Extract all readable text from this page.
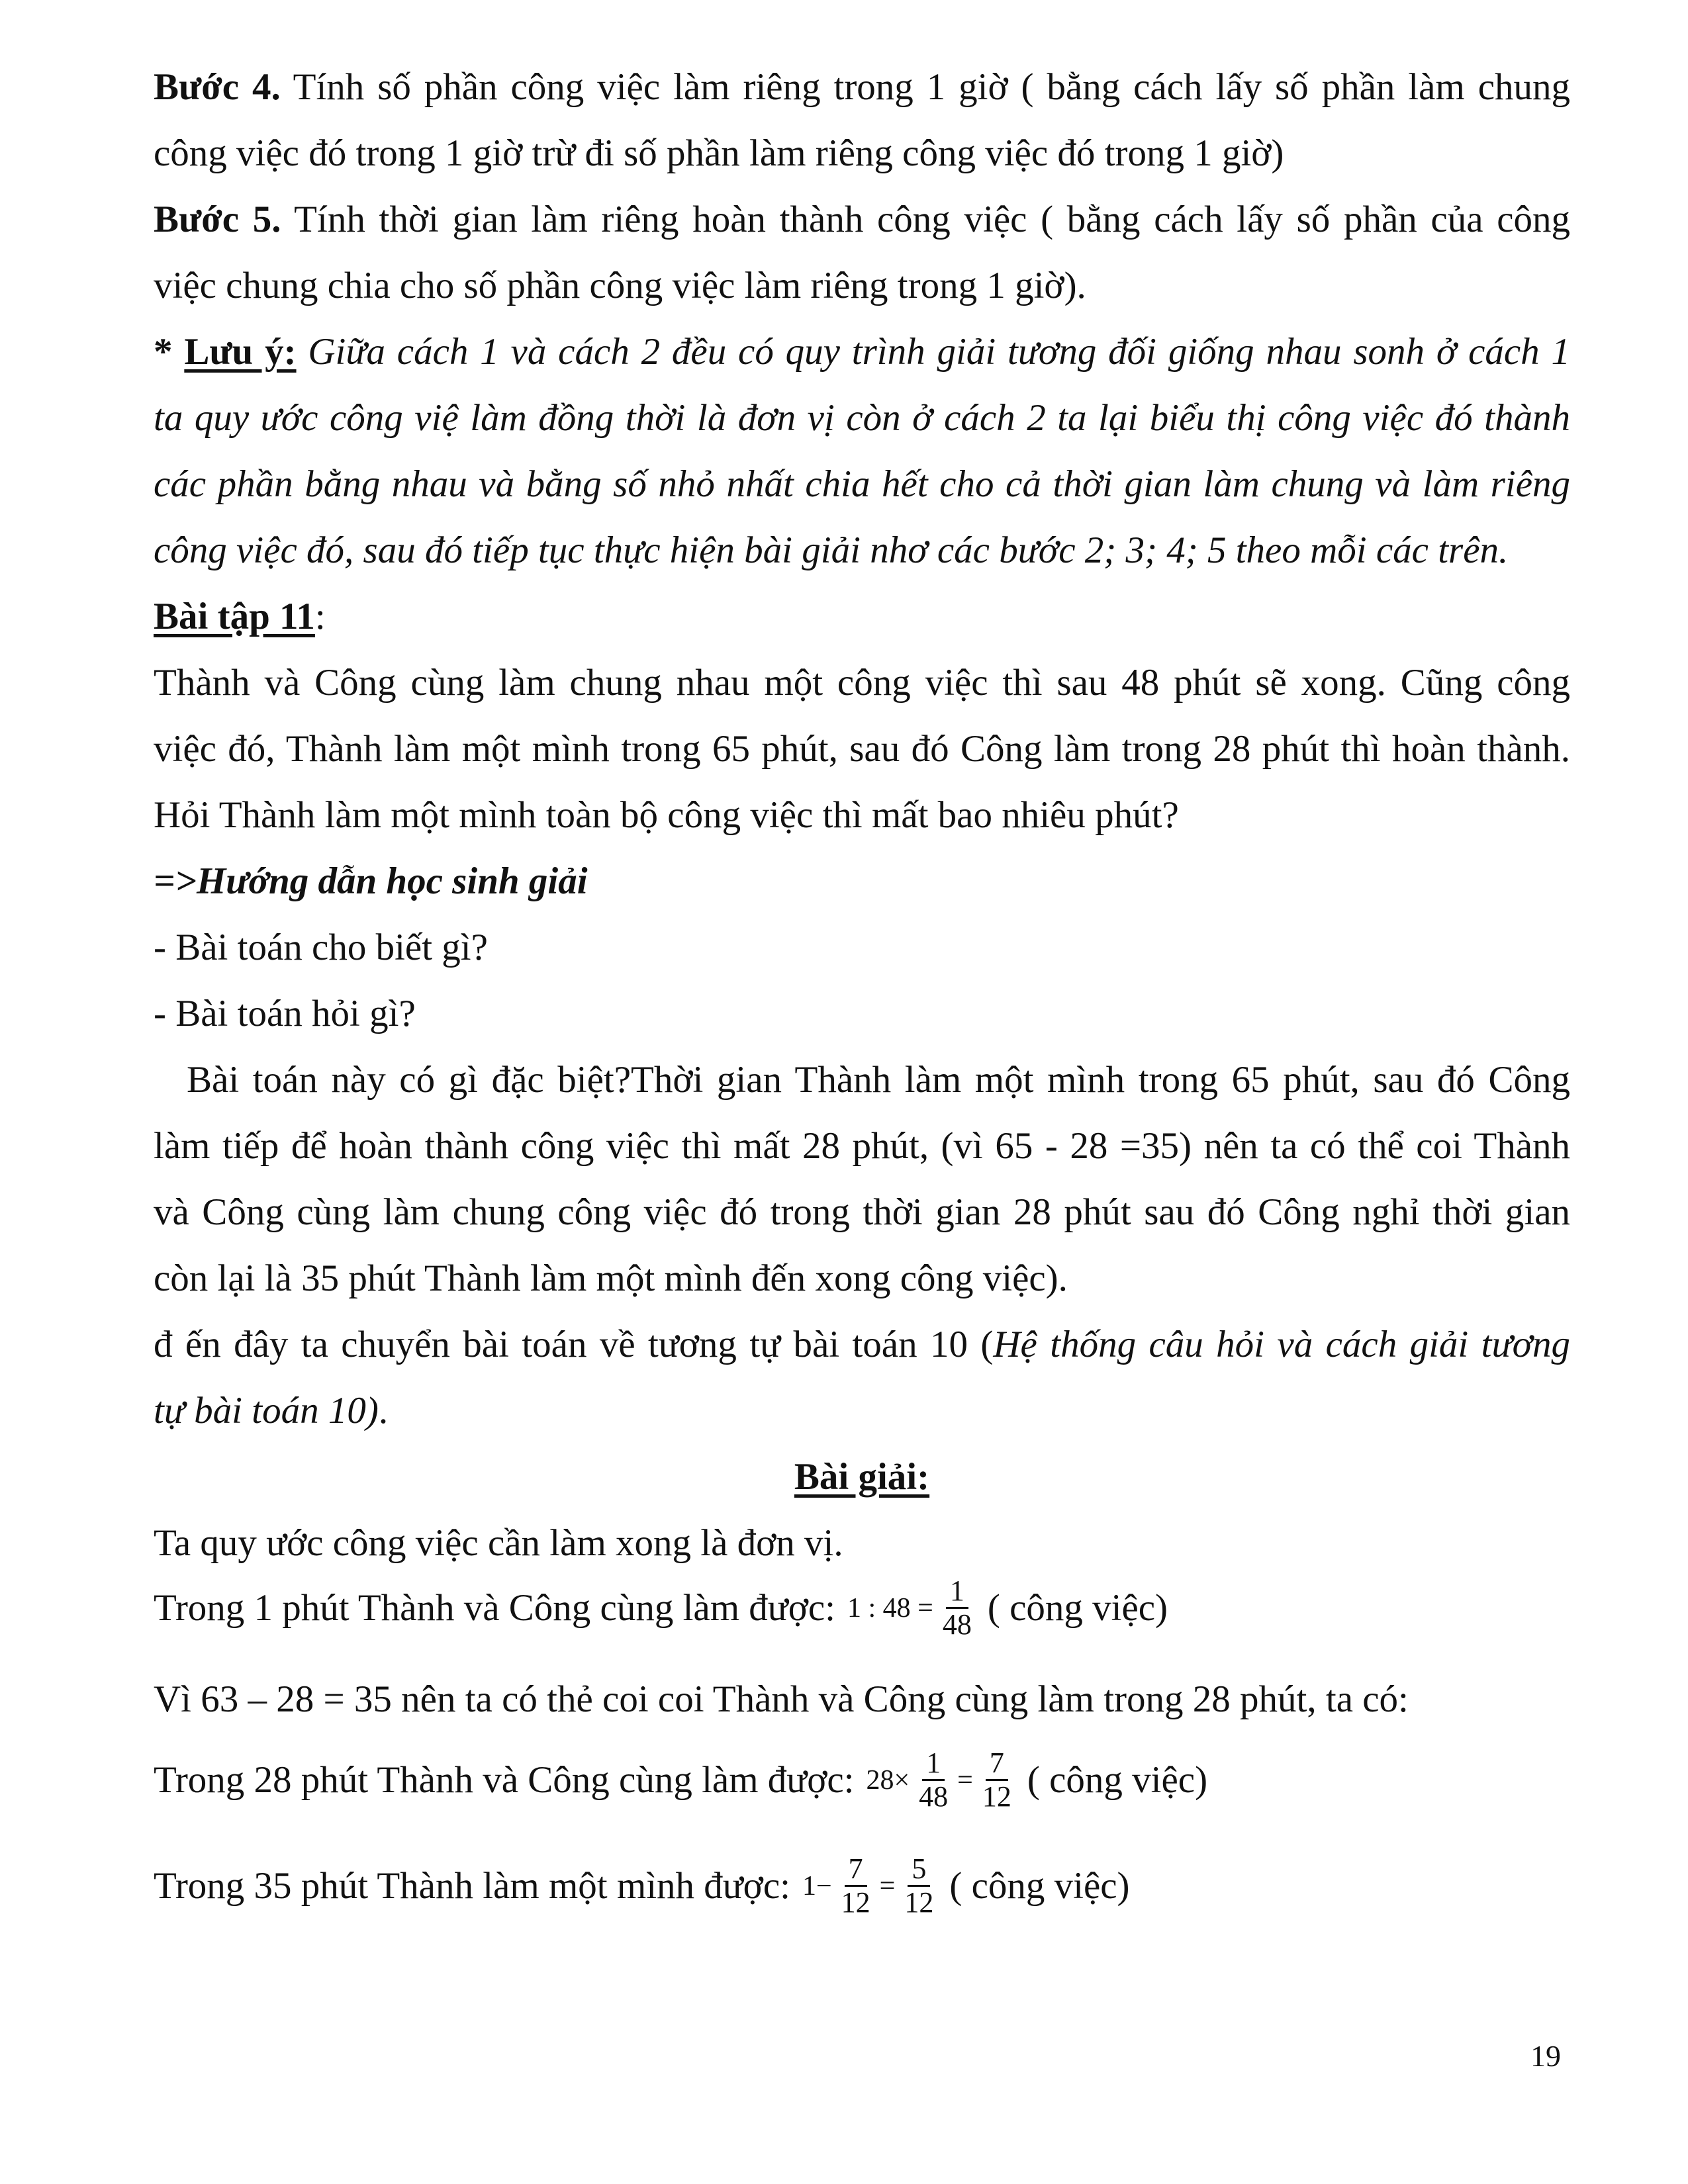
Bước 4. Tính số phần công việc làm riêng trong 1 giờ ( bằng cách lấy số phần làm chung
công việc đó trong 1 giờ trừ đi số phần làm riêng công việc đó trong 1 giờ)
Bước 5. Tính thời gian làm riêng hoàn thành công việc ( bằng cách lấy số phần của công
việc chung chia cho số phần công việc làm riêng trong 1 giờ).
* Lưu ý: Giữa cách 1 và cách 2 đều có quy trình giải tương đối giống nhau sonh ở cách 1
ta quy ước công việ làm đồng thời là đơn vị còn ở cách 2 ta lại biểu thị công việc đó thành
các phần bằng nhau và bằng số nhỏ nhất chia hết cho cả thời gian làm chung và làm riêng
công việc đó, sau đó tiếp tục thực hiện bài giải nhơ các bước 2; 3; 4; 5 theo mỗi các trên.
Bài tập 11:
Thành và Công cùng làm chung nhau một công việc thì sau 48 phút sẽ xong. Cũng công
việc đó, Thành làm một mình trong 65 phút, sau đó Công làm trong 28 phút thì hoàn thành.
Hỏi Thành làm một mình toàn bộ công việc thì mất bao nhiêu phút?
=>Hướng dẫn học sinh giải
- Bài toán cho biết gì?
- Bài toán hỏi gì?
Bài toán này có gì đặc biệt?Thời gian Thành làm một mình trong 65 phút, sau đó Công
làm tiếp để hoàn thành công việc thì mất 28 phút, (vì 65 - 28 =35) nên ta có thể coi Thành
và Công cùng làm chung công việc đó trong thời gian 28 phút sau đó Công nghỉ thời gian
còn lại là 35 phút Thành làm một mình đến xong công việc).
đ ến đây ta chuyển bài toán về tương tự bài toán 10 (Hệ thống câu hỏi và cách giải tương
tự bài toán 10).
Bài giải:
Ta quy ước công việc cần làm xong là đơn vị.
Trong 1 phút Thành và Công cùng làm được: 1 : $48 = \frac{1}{48}$ ( công việc)
Vì 63 – 28 = 35 nên ta có thẻ coi coi Thành và Công cùng làm trong 28 phút, ta có:
Trong 28 phút Thành và Công cùng làm được: $28\times \frac{1}{48} = \frac{7}{12}$ ( công việc)
Trong 35 phút Thành làm một mình được: $1- \frac{7}{12} = \frac{5}{12}$ ( công việc)
19
